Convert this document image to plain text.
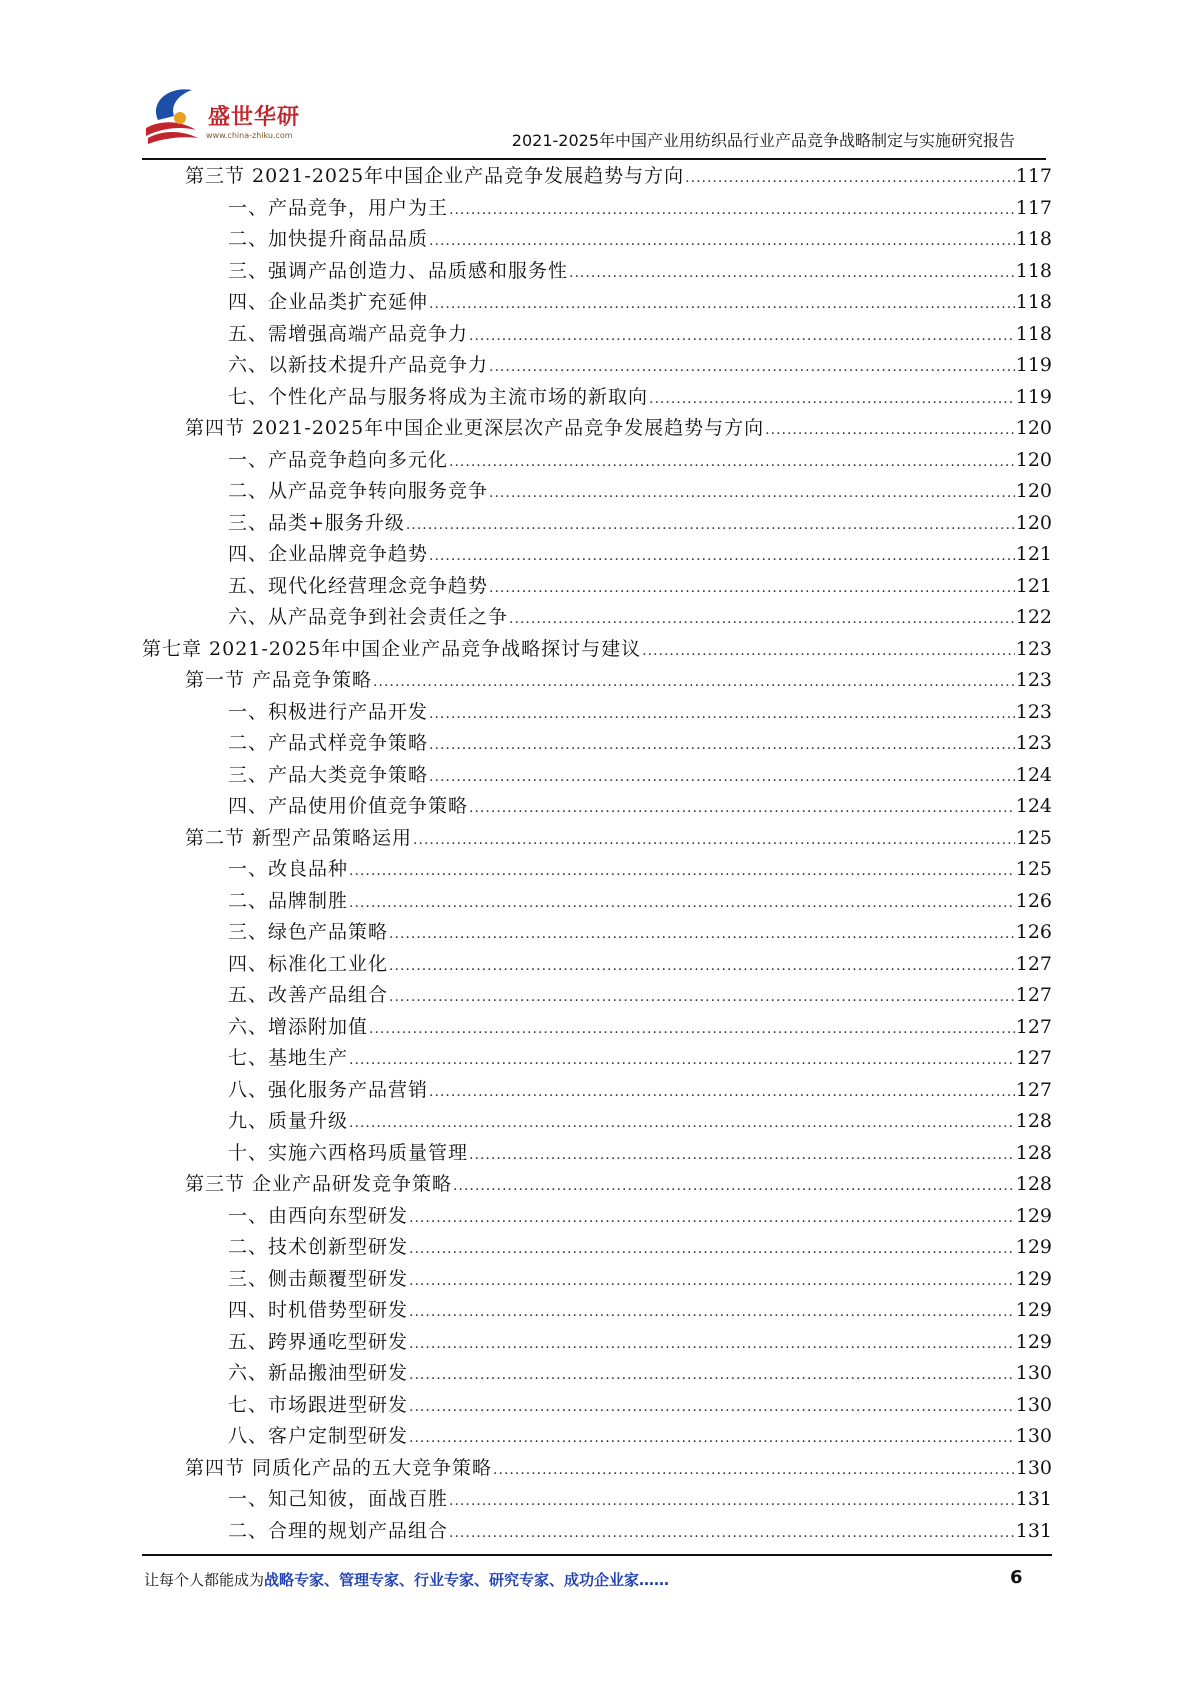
盛世华研
www.china-zhiku.com	2021-2025年中国产业用纺织品行业产品竞争战略制定与实施研究报告
第三节 2021-2025年中国企业产品竞争发展趋势与方向 .....	117
一、产品竞争，用户为王 .....	117
二、加快提升商品品质 .....	118
三、强调产品创造力、品质感和服务性 .....	118
四、企业品类扩充延伸 .....	118
五、需增强高端产品竞争力 .....	118
六、以新技术提升产品竞争力 .....	119
七、个性化产品与服务将成为主流市场的新取向 .....	119
第四节 2021-2025年中国企业更深层次产品竞争发展趋势与方向 .....	120
一、产品竞争趋向多元化 .....	120
二、从产品竞争转向服务竞争 .....	120
三、品类+服务升级 .....	120
四、企业品牌竞争趋势 .....	121
五、现代化经营理念竞争趋势 .....	121
六、从产品竞争到社会责任之争 .....	122
第七章 2021-2025年中国企业产品竞争战略探讨与建议 .....	123
第一节 产品竞争策略 .....	123
一、积极进行产品开发 .....	123
二、产品式样竞争策略 .....	123
三、产品大类竞争策略 .....	124
四、产品使用价值竞争策略 .....	124
第二节 新型产品策略运用 .....	125
一、改良品种 .....	125
二、品牌制胜 .....	126
三、绿色产品策略 .....	126
四、标准化工业化 .....	127
五、改善产品组合 .....	127
六、增添附加值 .....	127
七、基地生产 .....	127
八、强化服务产品营销 .....	127
九、质量升级 .....	128
十、实施六西格玛质量管理 .....	128
第三节 企业产品研发竞争策略 .....	128
一、由西向东型研发 .....	129
二、技术创新型研发 .....	129
三、侧击颠覆型研发 .....	129
四、时机借势型研发 .....	129
五、跨界通吃型研发 .....	129
六、新品搬油型研发 .....	130
七、市场跟进型研发 .....	130
八、客户定制型研发 .....	130
第四节 同质化产品的五大竞争策略 .....	130
一、知己知彼，面战百胜 .....	131
二、合理的规划产品组合 .....	131
让每个人都能成为战略专家、管理专家、行业专家、研究专家、成功企业家……	6
